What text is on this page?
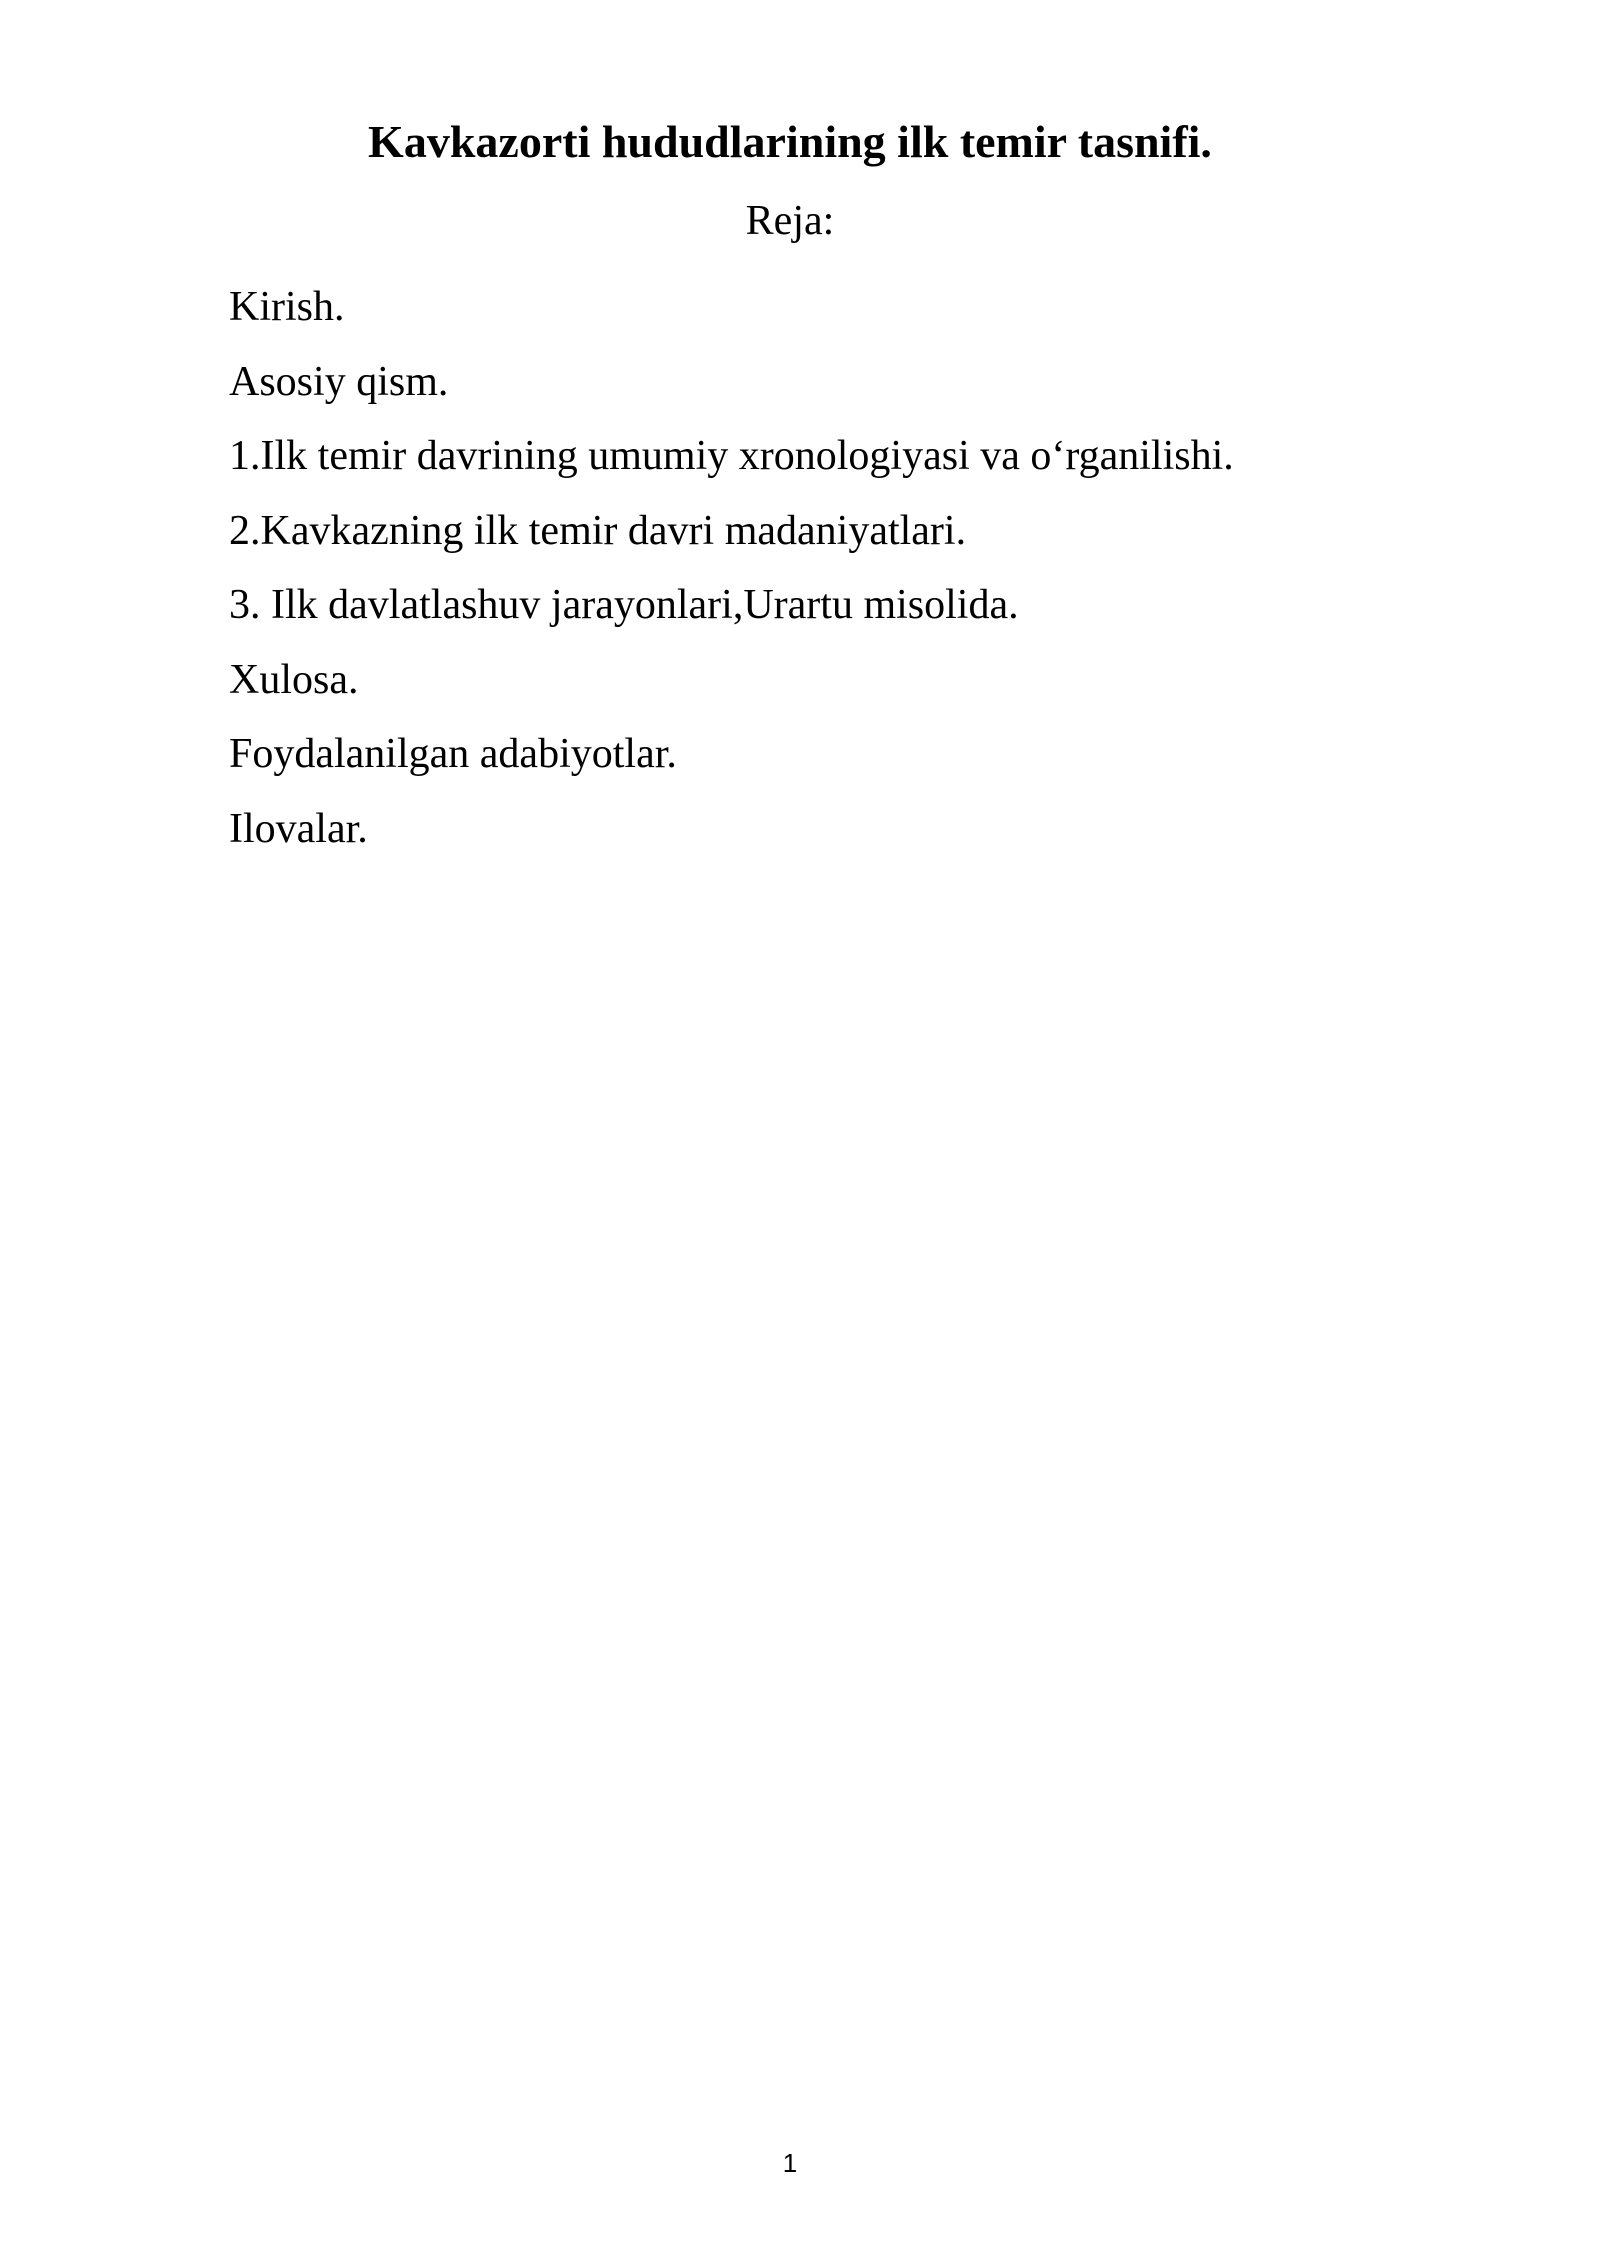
Kavkazorti hududlarining ilk temir tasnifi.
Reja:
Kirish.
Asosiy qism.
1.Ilk temir davrining umumiy xronologiyasi va o‘rganilishi.
2.Kavkazning ilk temir davri madaniyatlari.
3. Ilk davlatlashuv jarayonlari,Urartu misolida.
Xulosa.
Foydalanilgan adabiyotlar.
Ilovalar.
1
